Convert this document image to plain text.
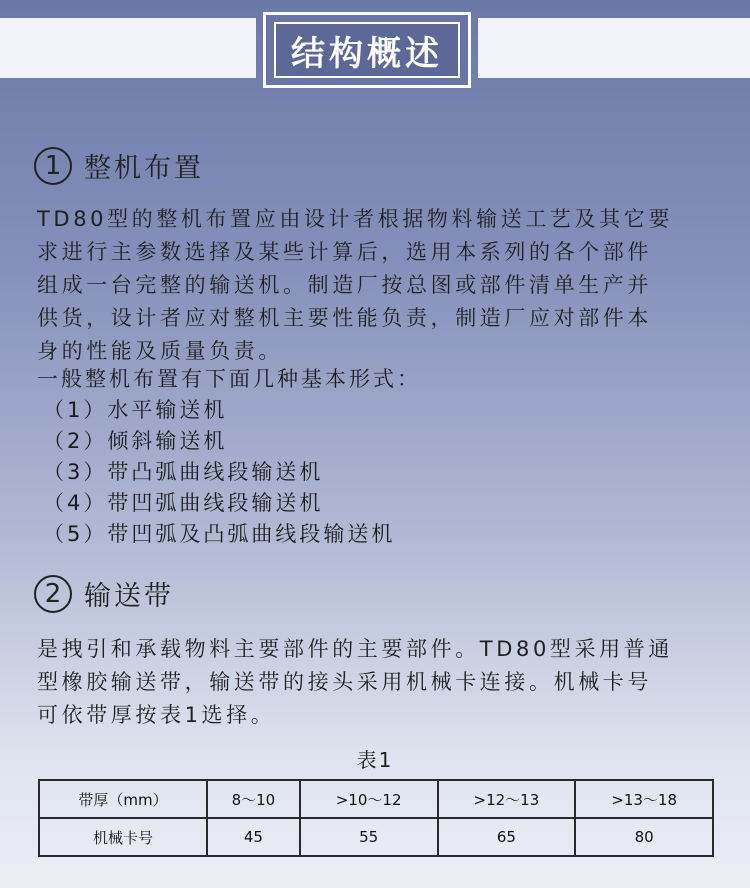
结构概述
1 整机布置

TD80型的整机布置应由设计者根据物料输送工艺及其它要
求进行主参数选择及某些计算后，选用本系列的各个部件
组成一台完整的输送机。制造厂按总图或部件清单生产并
供货，设计者应对整机主要性能负责，制造厂应对部件本
身的性能及质量负责。

一般整机布置有下面几种基本形式：
（1）水平输送机
（2）倾斜输送机
（3）带凸弧曲线段输送机
（4）带凹弧曲线段输送机
（5）带凹弧及凸弧曲线段输送机
2 输送带

是拽引和承载物料主要部件的主要部件。TD80型采用普通
型橡胶输送带，输送带的接头采用机械卡连接。机械卡号
可依带厚按表1选择。

表1
带厚（mm）	8～10	>10～12	>12～13	>13～18
机械卡号	45	55	65	80
